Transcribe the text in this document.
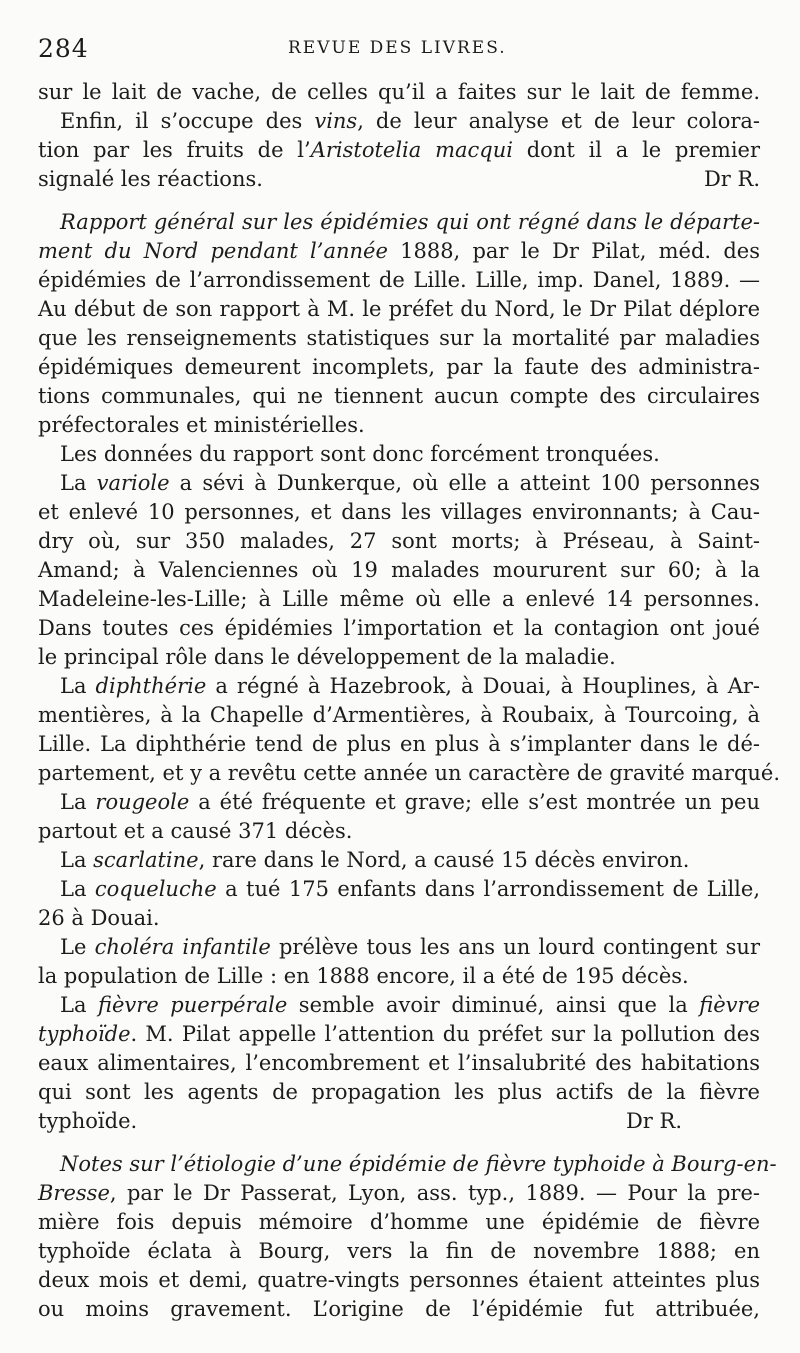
284	REVUE DES LIVRES.
sur le lait de vache, de celles qu’il a faites sur le lait de femme.
Enfin, il s’occupe des vins, de leur analyse et de leur colora-
tion par les fruits de l’Aristotelia macqui dont il a le premier
signalé les réactions.	Dr R.
Rapport général sur les épidémies qui ont régné dans le départe-
ment du Nord pendant l’année 1888, par le Dr Pilat, méd. des
épidémies de l’arrondissement de Lille. Lille, imp. Danel, 1889. —
Au début de son rapport à M. le préfet du Nord, le Dr Pilat déplore
que les renseignements statistiques sur la mortalité par maladies
épidémiques demeurent incomplets, par la faute des administra-
tions communales, qui ne tiennent aucun compte des circulaires
préfectorales et ministérielles.
Les données du rapport sont donc forcément tronquées.
La variole a sévi à Dunkerque, où elle a atteint 100 personnes
et enlevé 10 personnes, et dans les villages environnants; à Cau-
dry où, sur 350 malades, 27 sont morts; à Préseau, à Saint-
Amand; à Valenciennes où 19 malades moururent sur 60; à la
Madeleine-les-Lille; à Lille même où elle a enlevé 14 personnes.
Dans toutes ces épidémies l’importation et la contagion ont joué
le principal rôle dans le développement de la maladie.
La diphthérie a régné à Hazebrook, à Douai, à Houplines, à Ar-
mentières, à la Chapelle d’Armentières, à Roubaix, à Tourcoing, à
Lille. La diphthérie tend de plus en plus à s’implanter dans le dé-
partement, et y a revêtu cette année un caractère de gravité marqué.
La rougeole a été fréquente et grave; elle s’est montrée un peu
partout et a causé 371 décès.
La scarlatine, rare dans le Nord, a causé 15 décès environ.
La coqueluche a tué 175 enfants dans l’arrondissement de Lille,
26 à Douai.
Le choléra infantile prélève tous les ans un lourd contingent sur
la population de Lille : en 1888 encore, il a été de 195 décès.
La fièvre puerpérale semble avoir diminué, ainsi que la fièvre
typhoïde. M. Pilat appelle l’attention du préfet sur la pollution des
eaux alimentaires, l’encombrement et l’insalubrité des habitations
qui sont les agents de propagation les plus actifs de la fièvre
typhoïde.	Dr R.
Notes sur l’étiologie d’une épidémie de fièvre typhoide à Bourg-en-
Bresse, par le Dr Passerat, Lyon, ass. typ., 1889. — Pour la pre-
mière fois depuis mémoire d’homme une épidémie de fièvre
typhoïde éclata à Bourg, vers la fin de novembre 1888; en
deux mois et demi, quatre-vingts personnes étaient atteintes plus
ou moins gravement. L’origine de l’épidémie fut attribuée,
